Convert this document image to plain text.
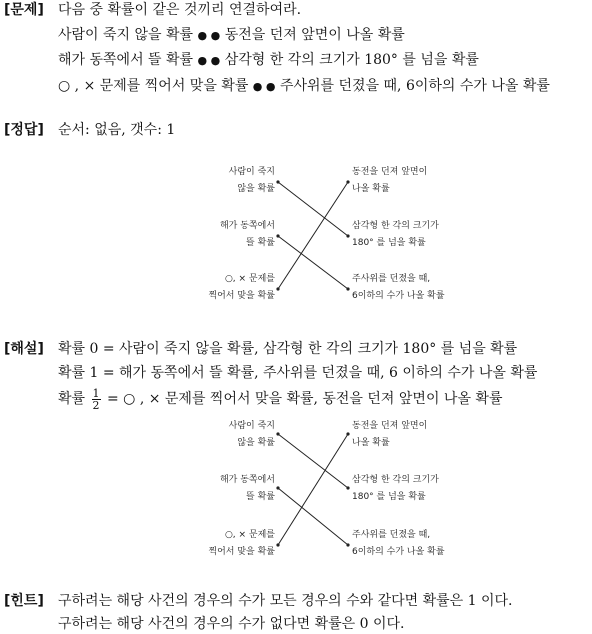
[문제] 다음 중 확률이 같은 것끼리 연결하여라.
사람이 죽지 않을 확률 ● ● 동전을 던져 앞면이 나올 확률
해가 동쪽에서 뜰 확률 ● ● 삼각형 한 각의 크기가 180° 를 넘을 확률
○ , × 문제를 찍어서 맞을 확률 ● ● 주사위를 던졌을 때, 6이하의 수가 나올 확률
[정답] 순서: 없음, 갯수: 1
사람이 죽지
않을 확률
해가 동쪽에서
뜰 확률
○, × 문제를
찍어서 맞을 확률
동전을 던져 앞면이
나올 확률
삼각형 한 각의 크기가
180° 를 넘을 확률
주사위를 던졌을 때,
6이하의 수가 나올 확률
[해설] 확률 0 = 사람이 죽지 않을 확률, 삼각형 한 각의 크기가 180° 를 넘을 확률
확률 1 = 해가 동쪽에서 뜰 확률, 주사위를 던졌을 때, 6 이하의 수가 나올 확률
확률 $\frac{1}{2}$ = ○ , × 문제를 찍어서 맞을 확률, 동전을 던져 앞면이 나올 확률
사람이 죽지
않을 확률
해가 동쪽에서
뜰 확률
○, × 문제를
찍어서 맞을 확률
동전을 던져 앞면이
나올 확률
삼각형 한 각의 크기가
180° 를 넘을 확률
주사위를 던졌을 때,
6이하의 수가 나올 확률
[힌트] 구하려는 해당 사건의 경우의 수가 모든 경우의 수와 같다면 확률은 1 이다.
구하려는 해당 사건의 경우의 수가 없다면 확률은 0 이다.
